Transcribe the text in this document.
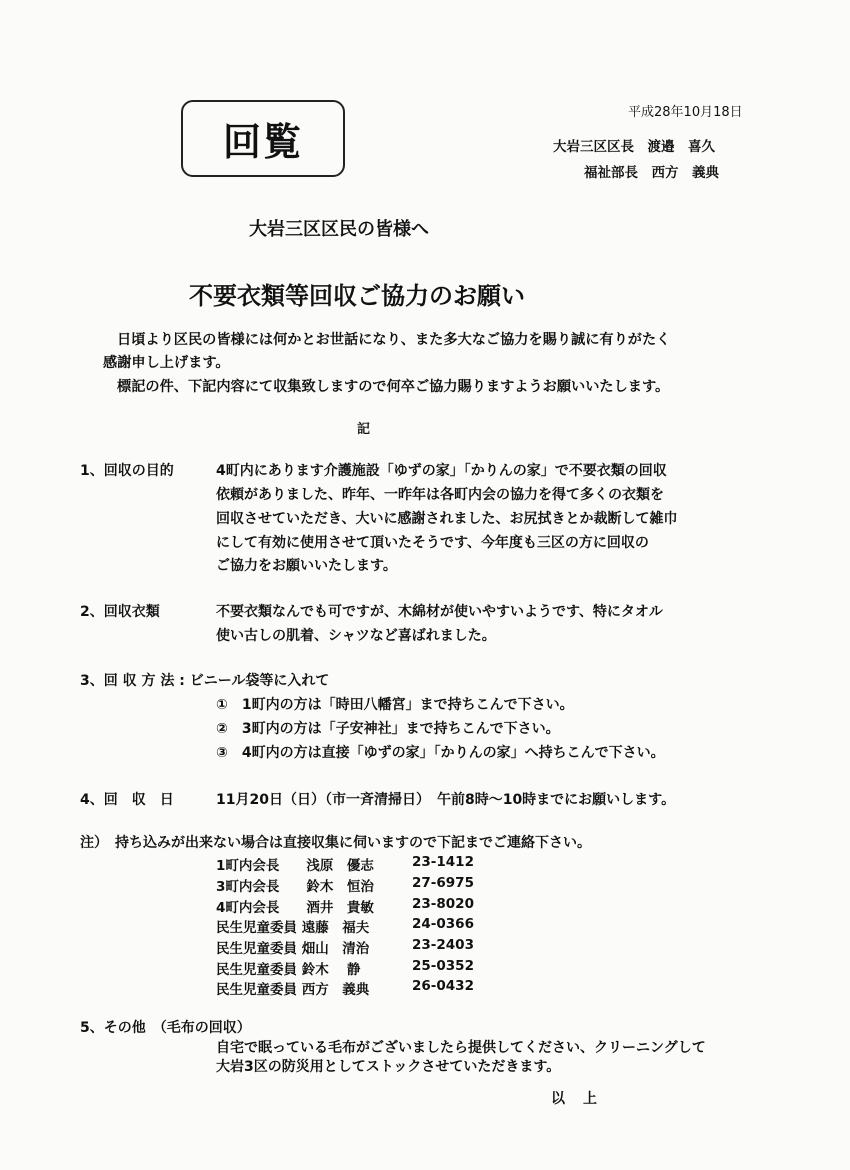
回覧
平成28年10月18日
大岩三区区長　渡邉　喜久
福祉部長　西方　義典
大岩三区区民の皆様へ
不要衣類等回収ご協力のお願い
日頃より区民の皆様には何かとお世話になり、また多大なご協力を賜り誠に有りがたく
感謝申し上げます。
標記の件、下記内容にて収集致しますので何卒ご協力賜りますようお願いいたします。
記
1、回収の目的	4町内にあります介護施設「ゆずの家」「かりんの家」で不要衣類の回収
依頼がありました、昨年、一昨年は各町内会の協力を得て多くの衣類を
回収させていただき、大いに感謝されました、お尻拭きとか裁断して雑巾
にして有効に使用させて頂いたそうです、今年度も三区の方に回収の
ご協力をお願いいたします。
2、回収衣類	不要衣類なんでも可ですが、木綿材が使いやすいようです、特にタオル
使い古しの肌着、シャツなど喜ばれました。
3、回 収 方 法 : ビニール袋等に入れて
①　1町内の方は「時田八幡宮」まで持ちこんで下さい。
②　3町内の方は「子安神社」まで持ちこんで下さい。
③　4町内の方は直接「ゆずの家」「かりんの家」へ持ちこんで下さい。
4、回　収　日	11月20日（日）（市一斉清掃日）　午前8時～10時までにお願いします。
注）　持ち込みが出来ない場合は直接収集に伺いますので下記までご連絡下さい。
1町内会長　　浅原　優志	23-1412
3町内会長　　鈴木　恒治	27-6975
4町内会長　　酒井　貴敏	23-8020
民生児童委員 遠藤　福夫	24-0366
民生児童委員 畑山　清治	23-2403
民生児童委員 鈴木　 静	25-0352
民生児童委員 西方　義典	26-0432
5、その他　（毛布の回収）
自宅で眠っている毛布がございましたら提供してください、クリーニングして
大岩3区の防災用としてストックさせていただきます。
以　上
